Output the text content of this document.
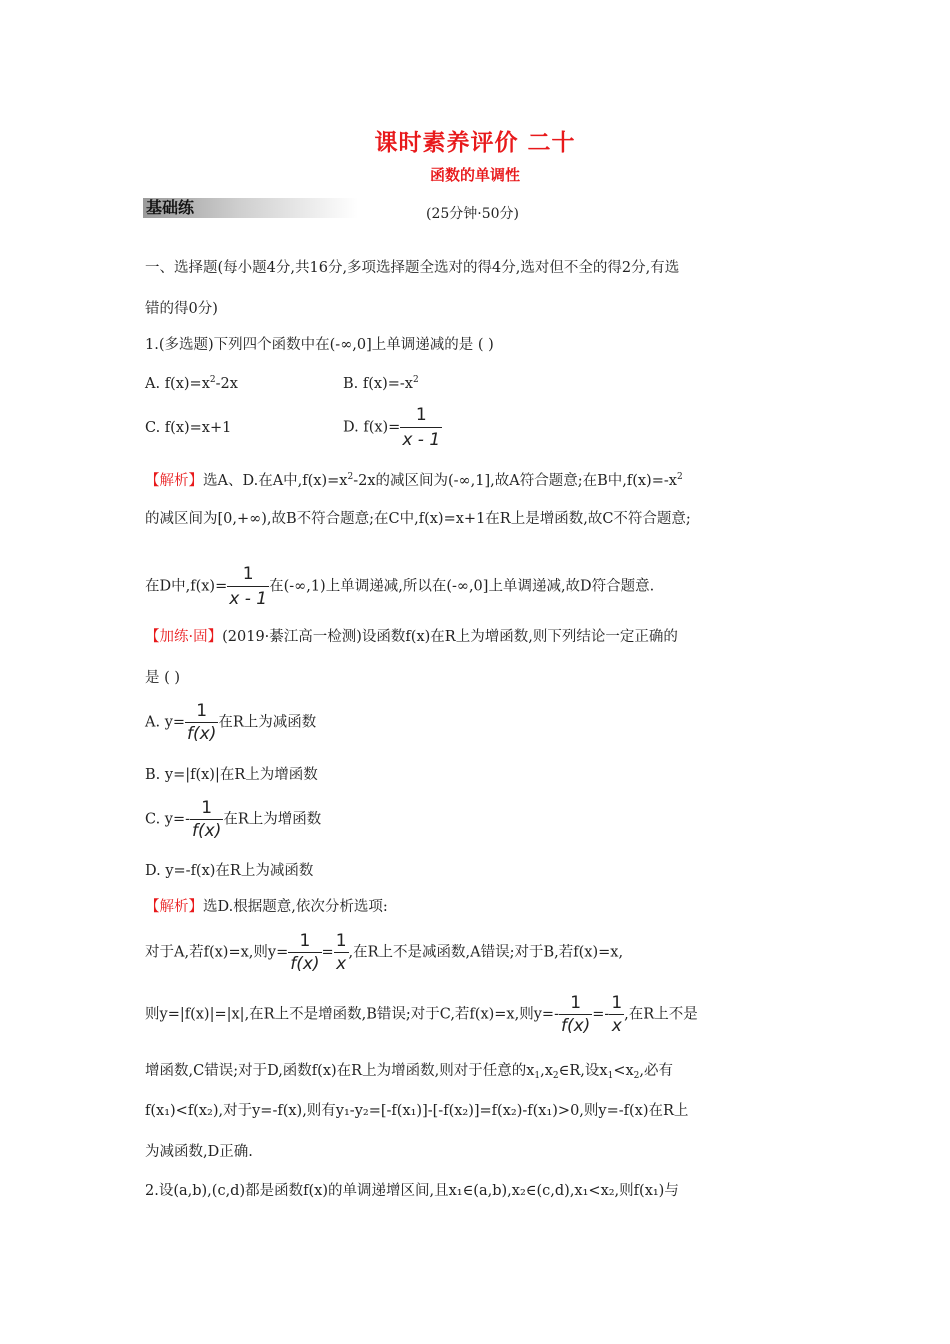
课时素养评价 二十
函数的单调性
基础练	(25分钟·50分)
一、选择题(每小题4分,共16分,多项选择题全选对的得4分,选对但不全的得2分,有选
错的得0分)
1.(多选题)下列四个函数中在(-∞,0]上单调递减的是 ( )
A. $f(x)=x^2-2x$	B. $f(x)=-x^2$
C. f(x)=x+1	D. $f(x)= \frac{1}{x - 1}$
【解析】选A、D.在A中$,f(x)=x^2-2x$的减区间为(-∞,1],故A符合题意;在B中$,f(x)=-x^2$
的减区间为[0,+∞),故B不符合题意;在C中,f(x)=x+1在R上是增函数,故C不符合题意;
在D中$,f(x)= \frac{1}{x - 1}$ 在(-∞,1)上单调递减,所以在(-∞,0]上单调递减,故D符合题意.
【加练·固】(2019·綦江高一检测)设函数f(x)在R上为增函数,则下列结论一定正确的
是 ( )
A. $y= \frac{1}{f(x)}$ 在R上为减函数
B. y=|f(x)|在R上为增函数
C. $y=- \frac{1}{f(x)}$ 在R上为增函数
D. y=-f(x)在R上为减函数
【解析】选D.根据题意,依次分析选项:
对于A,若f(x)=x,则$y= \frac{1}{f(x)} = \frac{1}{x}$ ,在R上不是减函数,A错误;对于B,若f(x)=x,
则y=|f(x)|=|x|,在R上不是增函数,B错误;对于C,若f(x)=x,则$y=- \frac{1}{f(x)} =- \frac{1}{x}$ ,在R上不是
增函数,C错误;对于D,函数f(x)在R上为增函数,则对于任意的$x_1,x_2\in R$,设$x_1<x_2$,必有
f(x₁)<f(x₂),对于y=-f(x),则有y₁-y₂=[-f(x₁)]-[-f(x₂)]=f(x₂)-f(x₁)>0,则y=-f(x)在R上
为减函数,D正确.
2.设(a,b),(c,d)都是函数f(x)的单调递增区间,且x₁∈(a,b),x₂∈(c,d),x₁<x₂,则f(x₁)与
